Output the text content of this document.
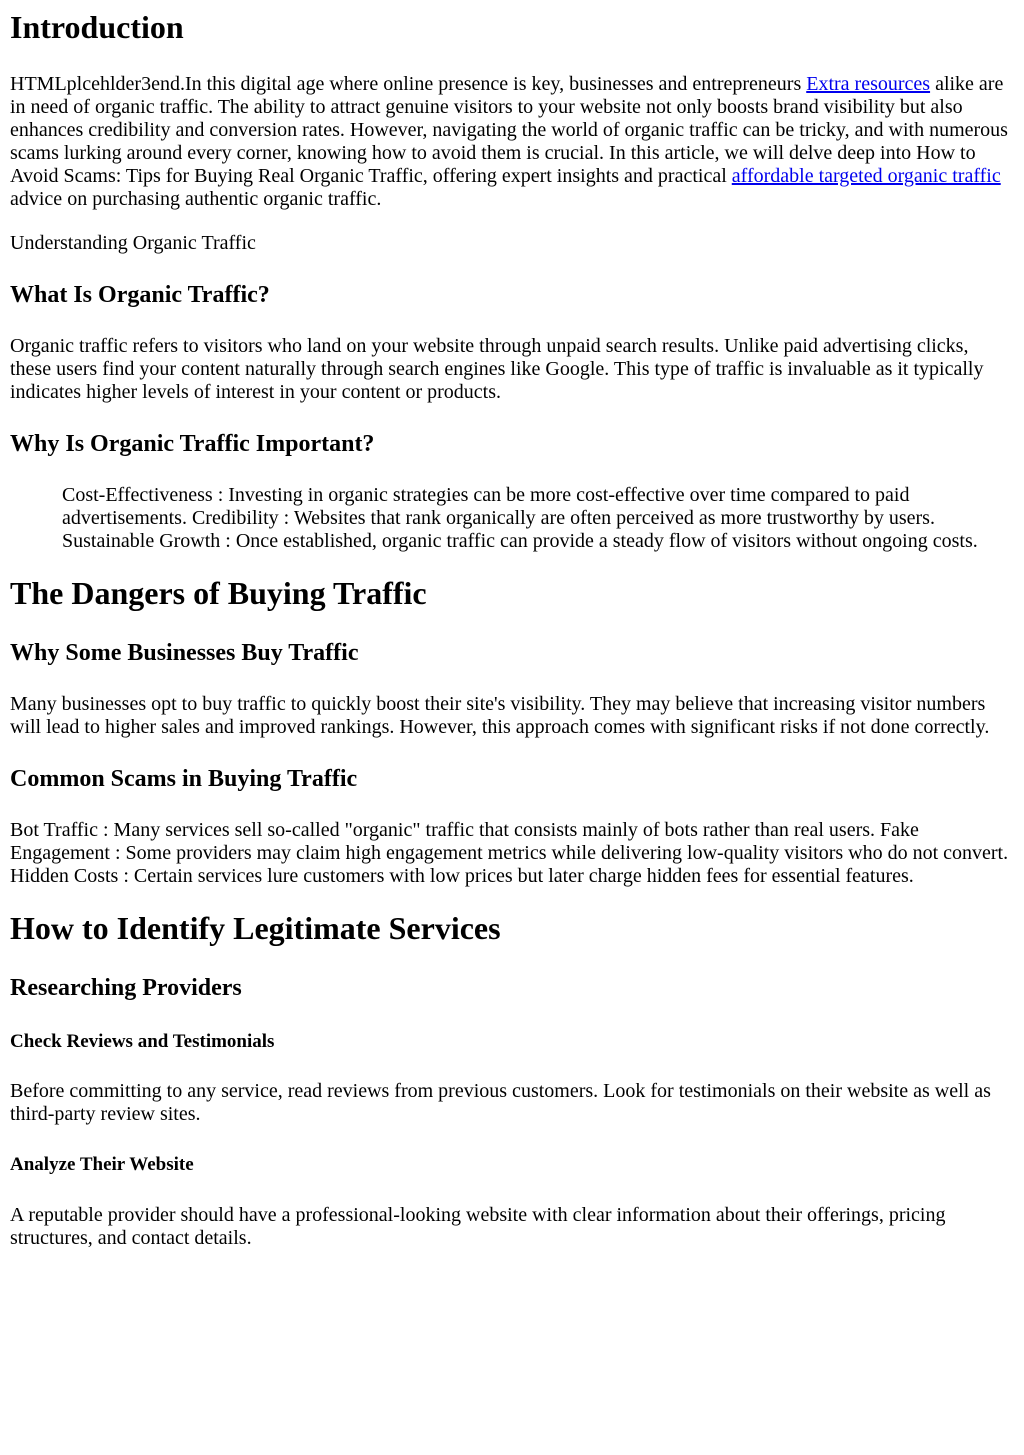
Introduction

HTMLplcehlder3end.In this digital age where online presence is key, businesses and entrepreneurs Extra resources alike are in need of organic traffic. The ability to attract genuine visitors to your website not only boosts brand visibility but also enhances credibility and conversion rates. However, navigating the world of organic traffic can be tricky, and with numerous scams lurking around every corner, knowing how to avoid them is crucial. In this article, we will delve deep into How to Avoid Scams: Tips for Buying Real Organic Traffic, offering expert insights and practical affordable targeted organic traffic advice on purchasing authentic organic traffic.

Understanding Organic Traffic

What Is Organic Traffic?

Organic traffic refers to visitors who land on your website through unpaid search results. Unlike paid advertising clicks, these users find your content naturally through search engines like Google. This type of traffic is invaluable as it typically indicates higher levels of interest in your content or products.

Why Is Organic Traffic Important?

Cost-Effectiveness : Investing in organic strategies can be more cost-effective over time compared to paid advertisements. Credibility : Websites that rank organically are often perceived as more trustworthy by users. Sustainable Growth : Once established, organic traffic can provide a steady flow of visitors without ongoing costs.

The Dangers of Buying Traffic
Why Some Businesses Buy Traffic

Many businesses opt to buy traffic to quickly boost their site's visibility. They may believe that increasing visitor numbers will lead to higher sales and improved rankings. However, this approach comes with significant risks if not done correctly.

Common Scams in Buying Traffic

Bot Traffic : Many services sell so-called "organic" traffic that consists mainly of bots rather than real users. Fake Engagement : Some providers may claim high engagement metrics while delivering low-quality visitors who do not convert. Hidden Costs : Certain services lure customers with low prices but later charge hidden fees for essential features.

How to Identify Legitimate Services
Researching Providers
Check Reviews and Testimonials

Before committing to any service, read reviews from previous customers. Look for testimonials on their website as well as third-party review sites.

Analyze Their Website

A reputable provider should have a professional-looking website with clear information about their offerings, pricing structures, and contact details.
